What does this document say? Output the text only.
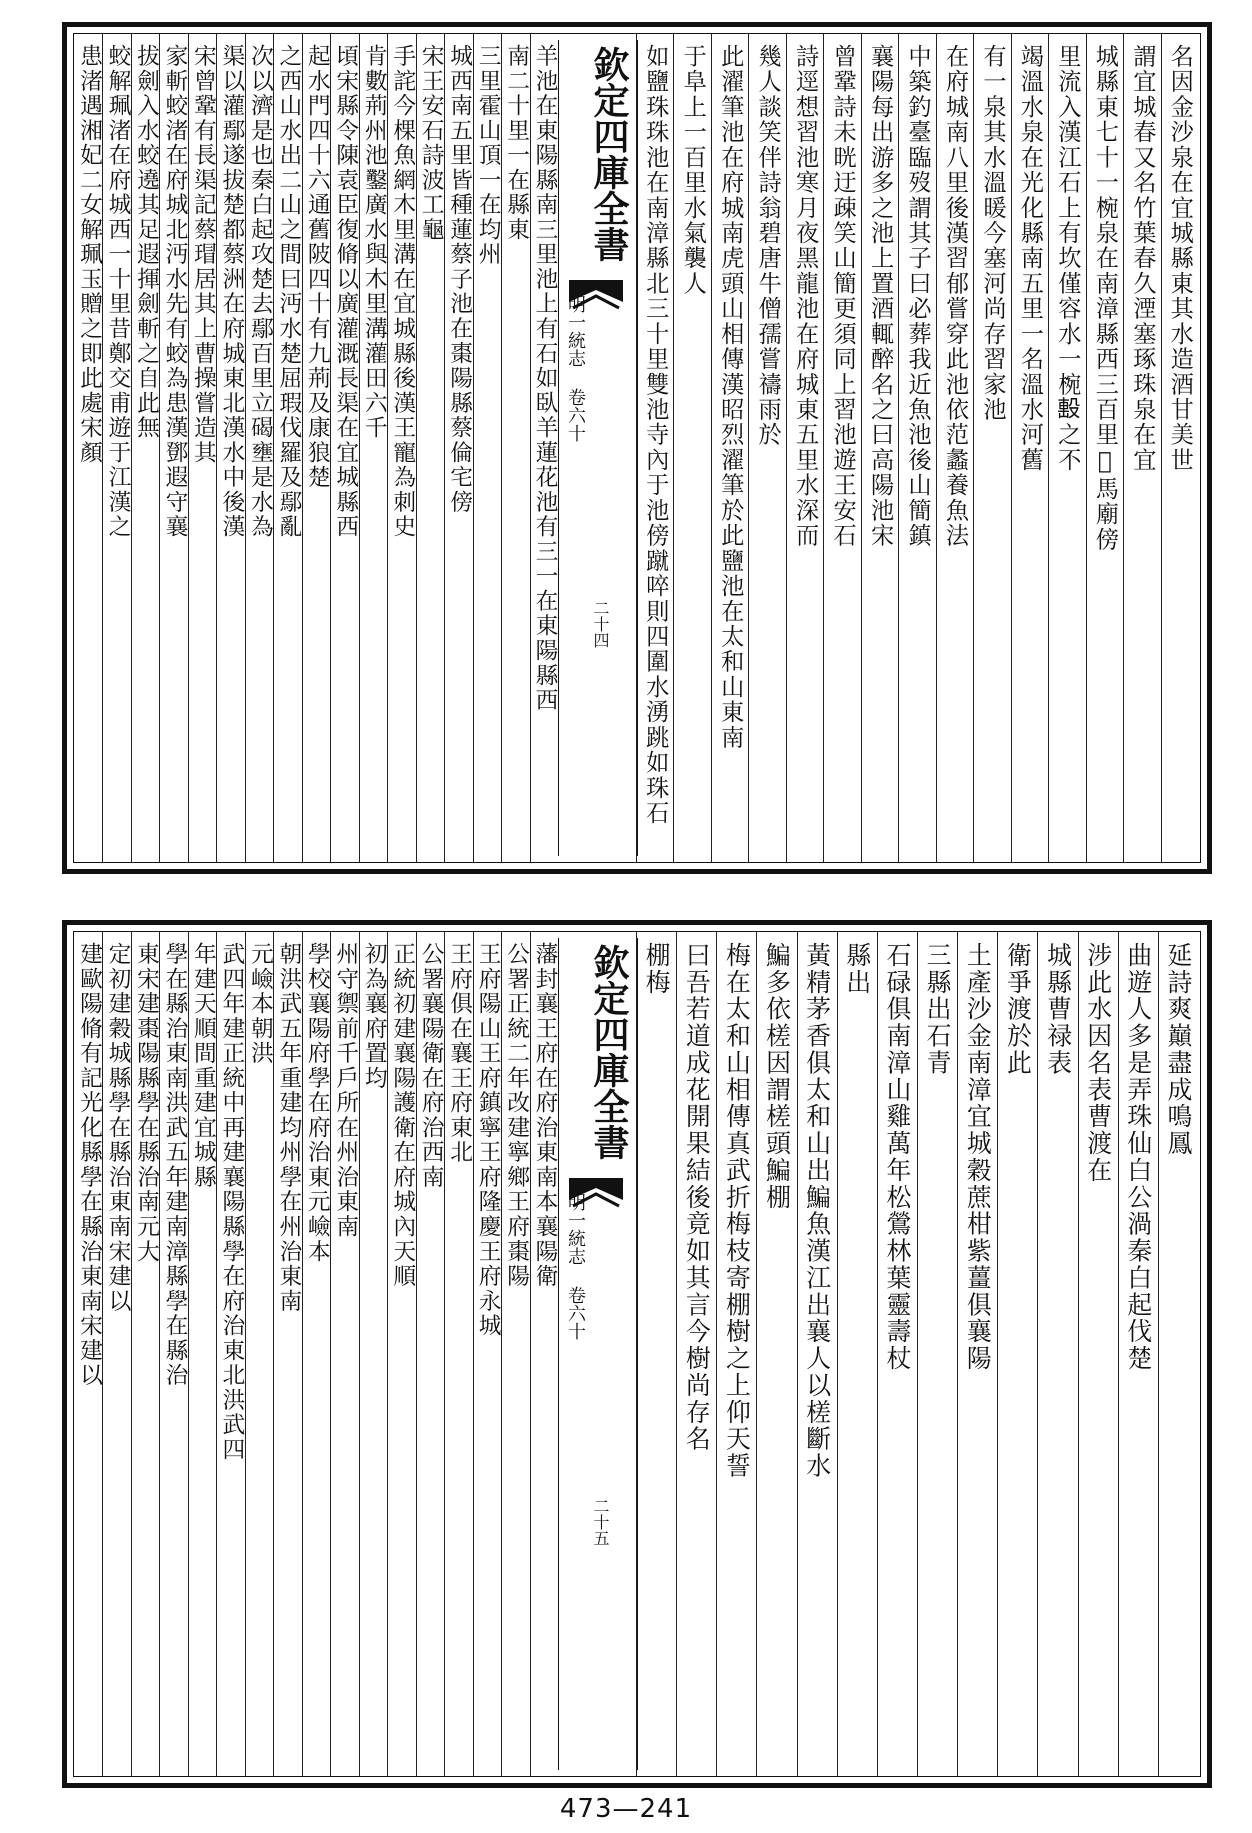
名因金沙泉在宜城縣東其水造酒甘美世
謂宜城春又名竹葉春久湮塞琢珠泉在宜
城縣東七十一椀泉在南漳縣西三百里𢧐馬廟傍
里流入漢江石上有坎僅容水一椀𣪠之不
竭溫水泉在光化縣南五里一名溫水河舊
有一泉其水溫暖今塞河尚存習家池
在府城南八里後漢習郁嘗穿此池依范蠡養魚法
中築釣臺臨歿謂其子曰必葬我近魚池後山簡鎮
襄陽每出游多之池上置酒輒醉名之曰高陽池宋
曾鞏詩未晄迂疎笑山簡更須同上習池遊王安石
詩逕想習池寒月夜黑龍池在府城東五里水深而
幾人談笑伴詩翁碧唐牛僧孺嘗禱雨於
此濯筆池在府城南虎頭山相傳漢昭烈濯筆於此鹽池在太和山東南
于阜上一百里水氣襲人
如鹽珠珠池在南漳縣北三十里雙池寺內于池傍蹴啐則四圍水湧跳如珠石
欽定四庫全書
明一統志 卷六十
二十四
羊池在東陽縣南三里池上有石如臥羊蓮花池有三一在東陽縣西
南二十里一在縣東
三里霍山頂一在均州
城西南五里皆種蓮蔡子池在棗陽縣蔡倫宅傍
宋王安石詩波工龜
手詫今棵魚網木里溝在宜城縣後漢王寵為刺史
肯數荊州池鑿廣水與木里溝灌田六千
頃宋縣令陳袁臣復脩以廣灌溉長渠在宜城縣西
起水門四十六通舊陂四十有九荊及康狼楚
之西山水出二山之間曰沔水楚屈瑕伐羅及鄢亂
次以濟是也秦白起攻楚去鄢百里立碣壅是水為
渠以灌鄢遂拔楚都蔡洲在府城東北漢水中後漢
宋曾鞏有長渠記蔡瑁居其上曹操嘗造其
家斬蛟渚在府城北沔水先有蛟為患漢鄧遐守襄
拔劍入水蛟遶其足遐揮劍斬之自此無
蛟解珮渚在府城西一十里昔鄭交甫遊于江漢之
患渚遇湘妃二女解珮玉贈之即此處宋顏
延詩爽巔盡成鳴鳳
曲遊人多是弄珠仙白公渦秦白起伐楚
涉此水因名表曹渡在
城縣曹禄表
衛爭渡於此
土產沙金南漳宜城穀蔗柑紫薑俱襄陽
三縣出石青
石碌俱南漳山雞萬年松鶯林葉靈壽杖
縣出
黃精茅香俱太和山出鯿魚漢江出襄人以槎斷水
鯿多依槎因謂槎頭鯿棚
梅在太和山相傳真武折梅枝寄棚樹之上仰天誓
曰吾若道成花開果結後竟如其言今樹尚存名
棚梅
欽定四庫全書
明一統志 卷六十
二十五
藩封襄王府在府治東南本襄陽衛
公署正統二年改建寧鄉王府棗陽
王府陽山王府鎮寧王府隆慶王府永城
王府俱在襄王府東北
公署襄陽衛在府治西南
正統初建襄陽護衛在府城內天順
初為襄府置均
州守禦前千戶所在州治東南
學校襄陽府學在府治東元嶮本
朝洪武五年重建均州學在州治東南
元嶮本朝洪
武四年建正統中再建襄陽縣學在府治東北洪武四
年建天順間重建宜城縣
學在縣治東南洪武五年建南漳縣學在縣治
東宋建棗陽縣學在縣治南元大
定初建穀城縣學在縣治東南宋建以
建歐陽脩有記光化縣學在縣治東南宋建以
473—241
